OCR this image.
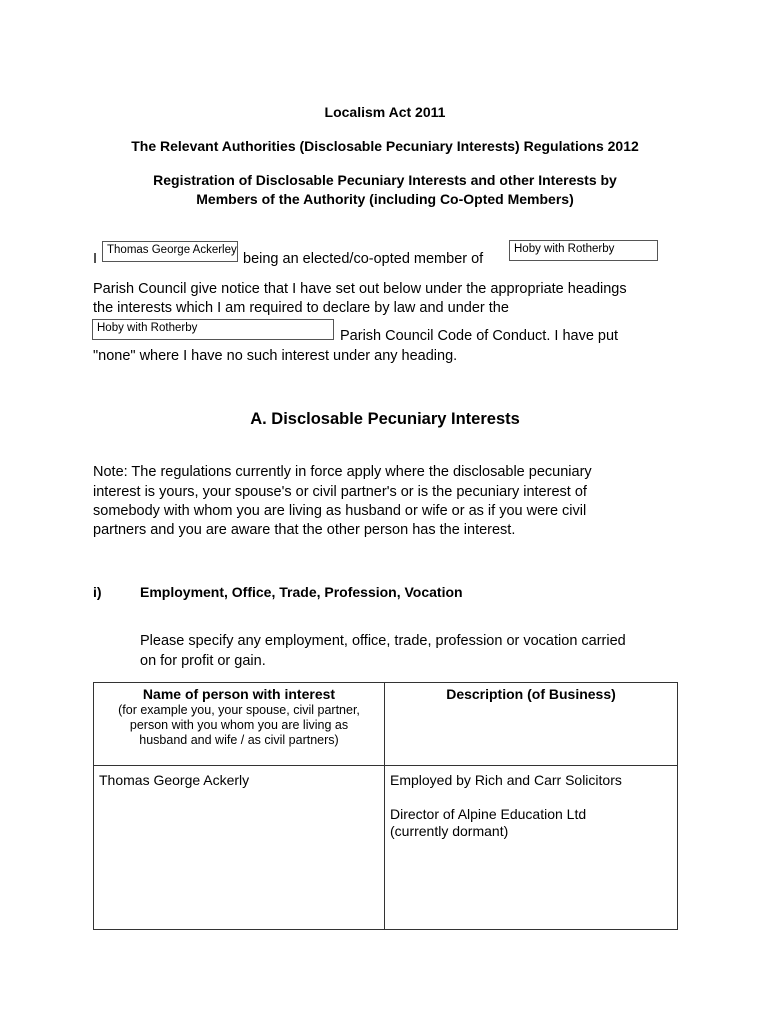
Localism Act 2011
The Relevant Authorities (Disclosable Pecuniary Interests) Regulations 2012
Registration of Disclosable Pecuniary Interests and other Interests by
Members of the Authority (including Co-Opted Members)
I
Thomas George Ackerley
being an elected/co-opted member of
Hoby with Rotherby
Parish Council give notice that I have set out below under the appropriate headings
the interests which I am required to declare by law and under the
Hoby with Rotherby	Parish Council Code of Conduct. I have put
"none" where I have no such interest under any heading.
A. Disclosable Pecuniary Interests
Note: The regulations currently in force apply where the disclosable pecuniary
interest is yours, your spouse's or civil partner's or is the pecuniary interest of
somebody with whom you are living as husband or wife or as if you were civil
partners and you are aware that the other person has the interest.
i)	Employment, Office, Trade, Profession, Vocation
Please specify any employment, office, trade, profession or vocation carried
on for profit or gain.
Name of person with interest
(for example you, your spouse, civil partner, person with you whom you are living as husband and wife / as civil partners)	Description (of Business)

Thomas George Ackerly	Employed by Rich and Carr Solicitors
Director of Alpine Education Ltd
(currently dormant)
